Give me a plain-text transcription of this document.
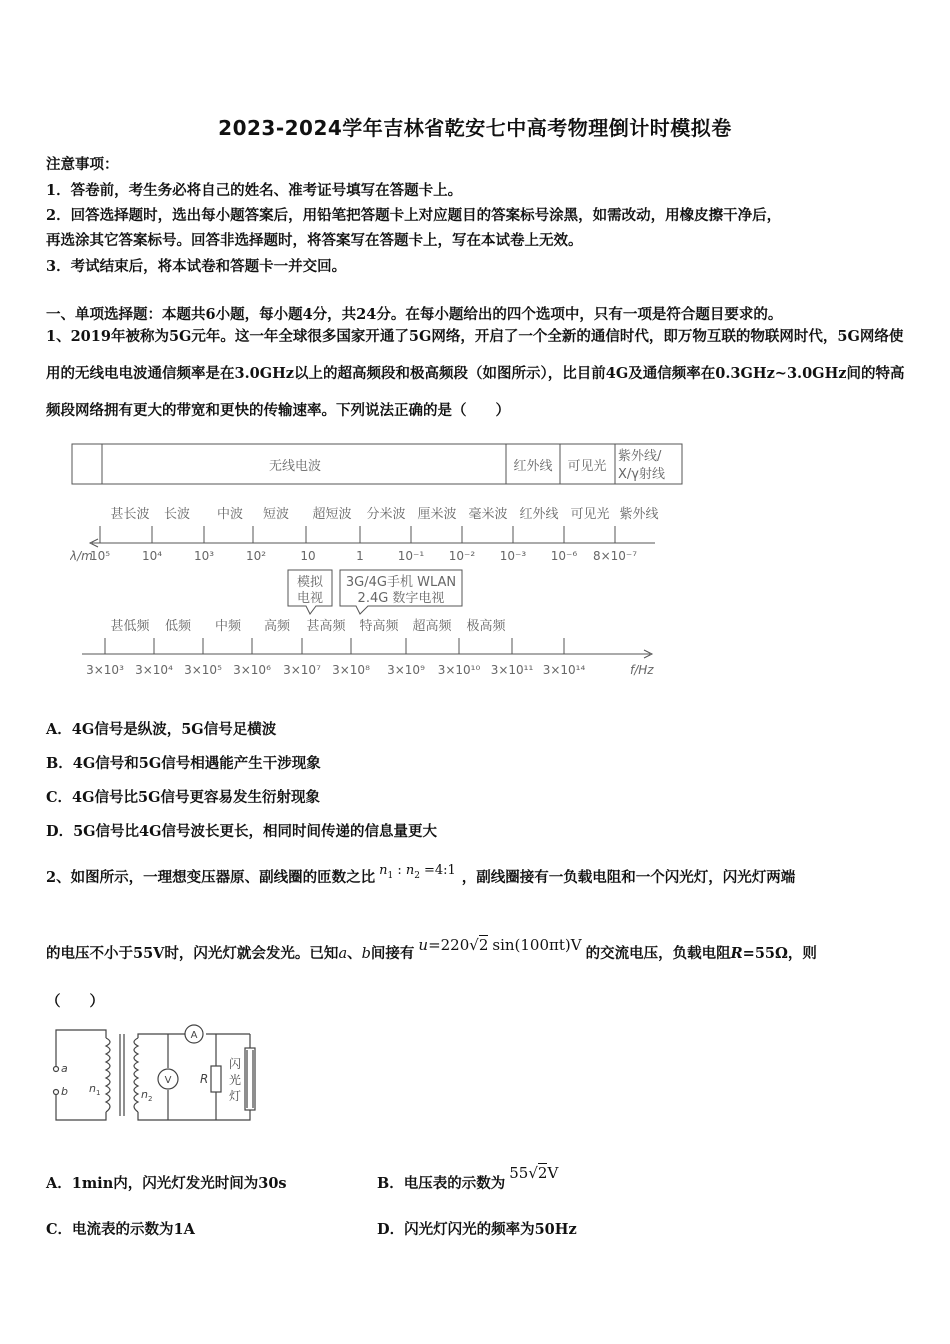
2023-2024学年吉林省乾安七中高考物理倒计时模拟卷
注意事项：
1．答卷前，考生务必将自己的姓名、准考证号填写在答题卡上。
2．回答选择题时，选出每小题答案后，用铅笔把答题卡上对应题目的答案标号涂黑，如需改动，用橡皮擦干净后，
再选涂其它答案标号。回答非选择题时，将答案写在答题卡上，写在本试卷上无效。
3．考试结束后，将本试卷和答题卡一并交回。
一、单项选择题：本题共6小题，每小题4分，共24分。在每小题给出的四个选项中，只有一项是符合题目要求的。
1、2019年被称为5G元年。这一年全球很多国家开通了5G网络，开启了一个全新的通信时代，即万物互联的物联网时代，5G网络使用的无线电电波通信频率是在3.0GHz以上的超高频段和极高频段（如图所示），比目前4G及通信频率在0.3GHz~3.0GHz间的特高频段网络拥有更大的带宽和更快的传输速率。下列说法正确的是（　　）
无线电波	红外线 可见光
紫外线/
X/γ射线
甚长波 长波 中波 短波 超短波 分米波 厘米波 毫米波 红外线 可见光 紫外线
λ/m
10⁵	10⁴	10³	10²	10	1	10⁻¹ 10⁻² 10⁻³ 10⁻⁶ 8×10⁻⁷
模拟
电视
3G/4G手机 WLAN
2.4G 数字电视
甚低频 低频 中频 高频 甚高频 特高频 超高频 极高频
3×10³ 3×10⁴ 3×10⁵ 3×10⁶ 3×10⁷ 3×10⁸ 3×10⁹ 3×10¹⁰ 3×10¹¹ 3×10¹⁴	f/Hz
A．4G信号是纵波，5G信号足横波
B．4G信号和5G信号相遇能产生干涉现象
C．4G信号比5G信号更容易发生衍射现象
D．5G信号比4G信号波长更长，相同时间传递的信息量更大
2、如图所示，一理想变压器原、副线圈的匝数之比 $n_1$ : $n_2$ =4:1 ，副线圈接有一负载电阻和一个闪光灯，闪光灯两端
的电压不小于55V时，闪光灯就会发光。已知a、b间接有 u=220√2 sin(100πt)V 的交流电压，负载电阻R=55Ω，则
（　　）
a
b n 1	n 2
A
V R
闪
光
灯
A．1min内，闪光灯发光时间为30s	B．电压表的示数为55√2V
C．电流表的示数为1A	D．闪光灯闪光的频率为50Hz
